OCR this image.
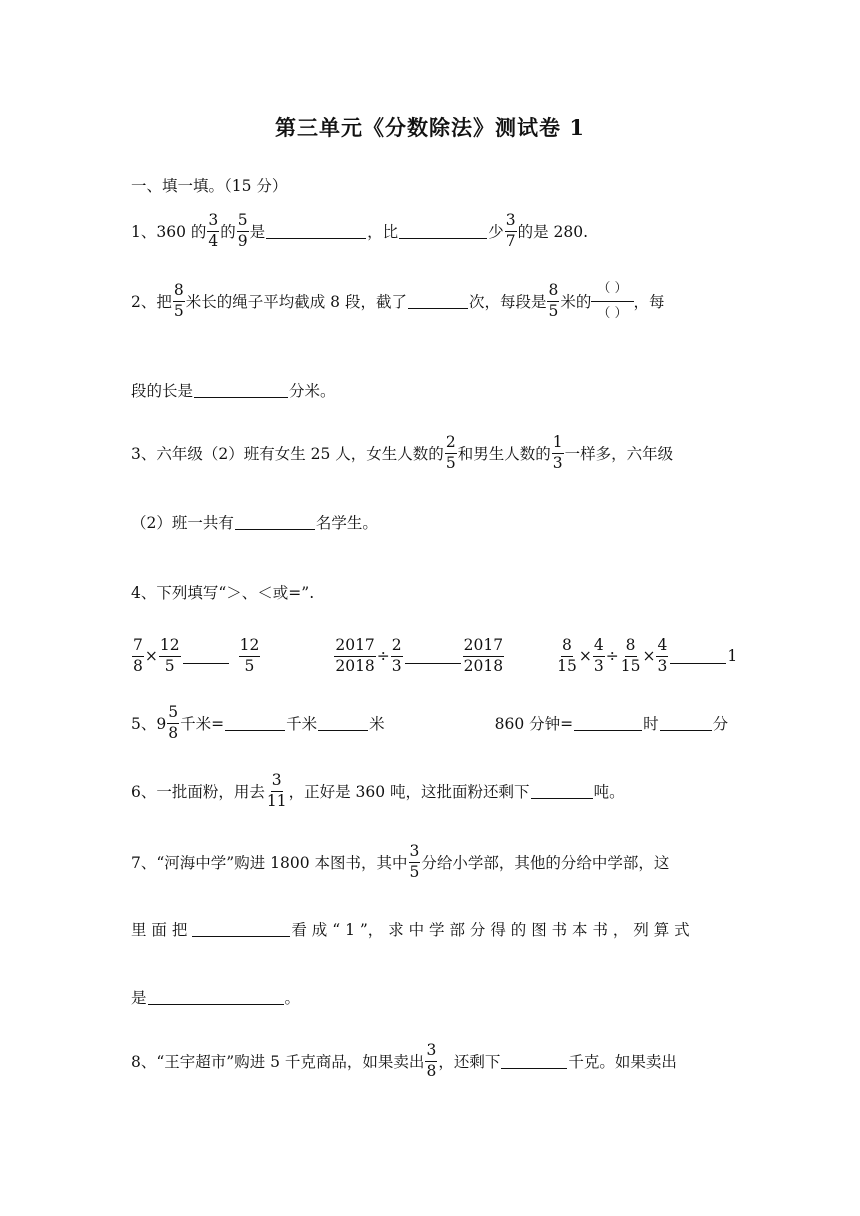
第三单元《分数除法》测试卷 1
一、填一填。（15 分）
1、360 的 $\frac{3}{4}$ 的 $\frac{5}{9}$ 是	，比	少 $\frac{3}{7}$ 的是 280.
2、把 $\frac{8}{5}$ 米长的绳子平均截成 8 段，截了	次，每段是 $\frac{8}{5}$ 米的
（ ）
（ ）
，每
段的长是	分米。
3、六年级（2）班有女生 25 人，女生人数的 $\frac{2}{5}$ 和男生人数的 $\frac{1}{3}$ 一样多，六年级
（2）班一共有	名学生。
4、下列填写“＞、＜或=”.
$\frac{7}{8} \times \frac{12}{5}$	$\frac{12}{5}$	$\frac{2017}{2018} \div \frac{2}{3}$	$\frac{2017}{2018}$	$\frac{8}{15} \times \frac{4}{3} \div \frac{8}{15} \times \frac{4}{3}$	1
5、$9 \frac{5}{8}$ 千米=	千米	米	860 分钟=	时	分
6、一批面粉，用去 $\frac{3}{11}$ ，正好是 360 吨，这批面粉还剩下	吨。
7、“河海中学”购进 1800 本图书，其中 $\frac{3}{5}$ 分给小学部，其他的分给中学部，这
里 面 把	看 成 “ 1 ”， 求 中 学 部 分 得 的 图 书 本 书 ， 列 算 式
是	。
8、“王宇超市”购进 5 千克商品，如果卖出 $\frac{3}{8}$ ，还剩下	千克。如果卖出
